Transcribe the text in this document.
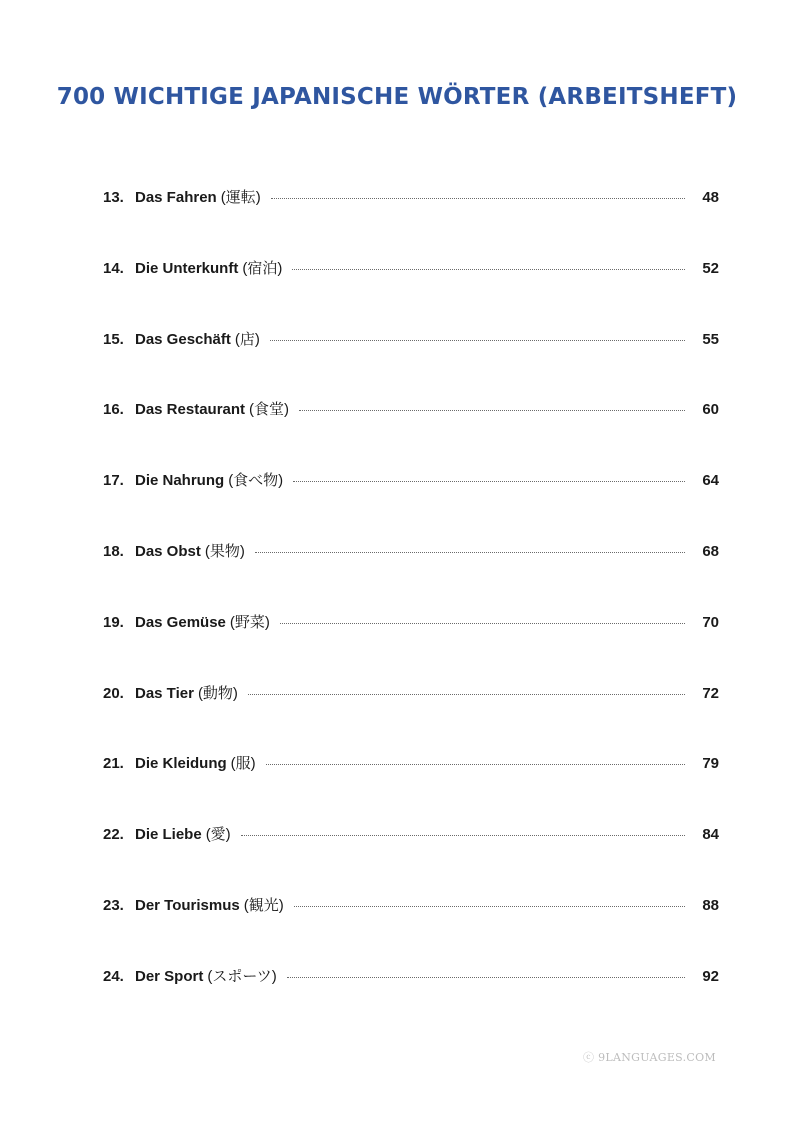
700 WICHTIGE JAPANISCHE WÖRTER (ARBEITSHEFT)
13. Das Fahren (運転)	48
14. Die Unterkunft (宿泊)	52
15. Das Geschäft (店)	55
16. Das Restaurant (食堂)	60
17. Die Nahrung (食べ物)	64
18. Das Obst (果物)	68
19. Das Gemüse (野菜)	70
20. Das Tier (動物)	72
21. Die Kleidung (服)	79
22. Die Liebe (愛)	84
23. Der Tourismus (観光)	88
24. Der Sport (スポーツ)	92
ⓒ 9LANGUAGES.COM
